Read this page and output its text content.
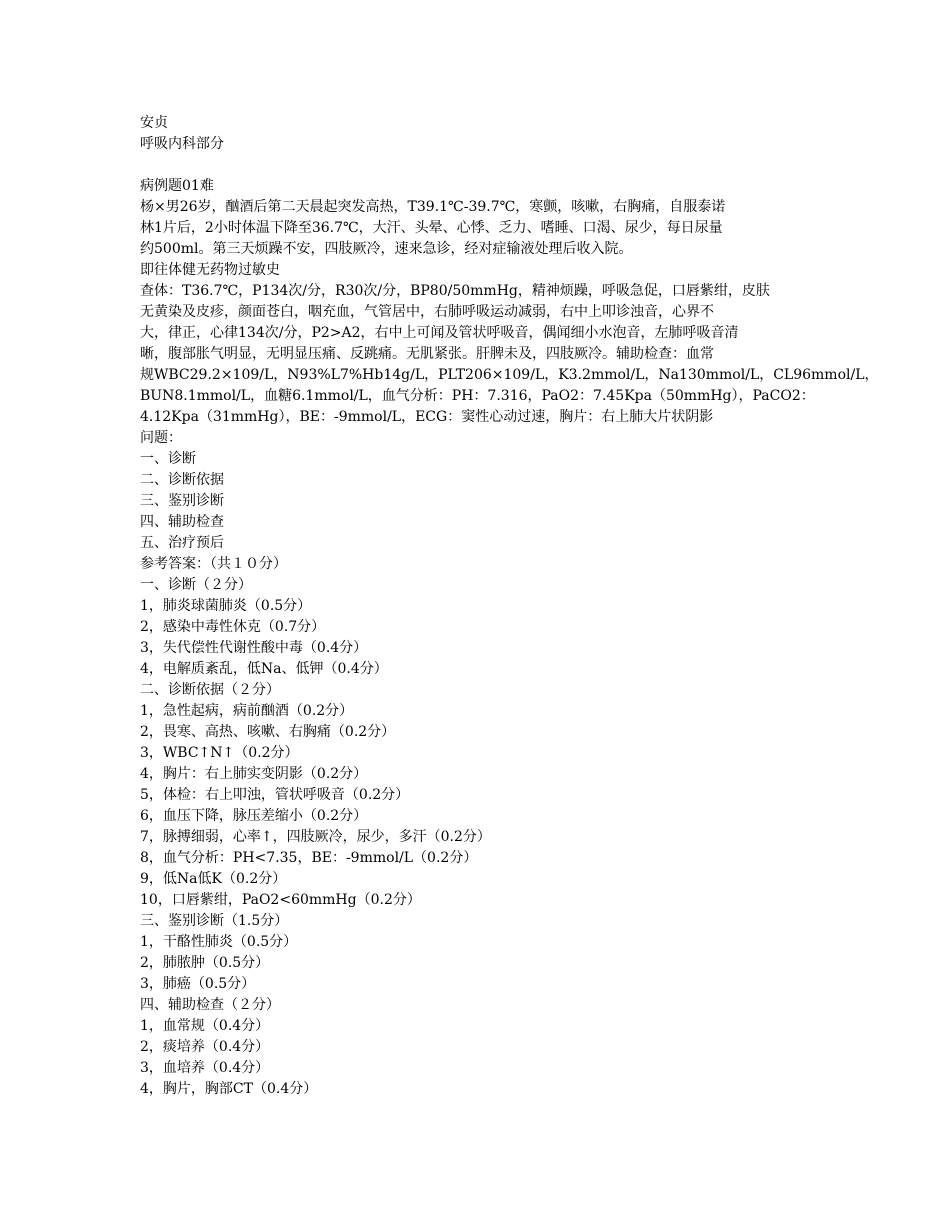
安贞
呼吸内科部分
病例题01难
杨×男26岁，酗酒后第二天晨起突发高热，T39.1℃-39.7℃，寒颤，咳嗽，右胸痛，自服泰诺
林1片后，2小时体温下降至36.7℃，大汗、头晕、心悸、乏力、嗜睡、口渴、尿少，每日尿量
约500ml。第三天烦躁不安，四肢厥冷，速来急诊，经对症输液处理后收入院。
即往体健无药物过敏史
查体：T36.7℃，P134次/分，R30次/分，BP80/50mmHg，精神烦躁，呼吸急促，口唇紫绀，皮肤
无黄染及皮疹，颜面苍白，咽充血，气管居中，右肺呼吸运动减弱，右中上叩诊浊音，心界不
大，律正，心律134次/分，P2>A2，右中上可闻及管状呼吸音，偶闻细小水泡音，左肺呼吸音清
晰，腹部胀气明显，无明显压痛、反跳痛。无肌紧张。肝脾未及，四肢厥冷。辅助检查：血常
规WBC29.2×109/L，N93%L7%Hb14g/L，PLT206×109/L，K3.2mmol/L，Na130mmol/L，CL96mmol/L，
BUN8.1mmol/L，血糖6.1mmol/L，血气分析：PH：7.316，PaO2：7.45Kpa（50mmHg），PaCO2：
4.12Kpa（31mmHg），BE：-9mmol/L，ECG：窦性心动过速，胸片：右上肺大片状阴影
问题：
一、诊断
二、诊断依据
三、鉴别诊断
四、辅助检查
五、治疗预后
参考答案：（共１０分）
一、诊断（２分）
1，肺炎球菌肺炎（0.5分）
2，感染中毒性休克（0.7分）
3，失代偿性代谢性酸中毒（0.4分）
4，电解质紊乱，低Na、低钾（0.4分）
二、诊断依据（２分）
1，急性起病，病前酗酒（0.2分）
2，畏寒、高热、咳嗽、右胸痛（0.2分）
3，WBC↑N↑（0.2分）
4，胸片：右上肺实变阴影（0.2分）
5，体检：右上叩浊，管状呼吸音（0.2分）
6，血压下降，脉压差缩小（0.2分）
7，脉搏细弱，心率↑，四肢厥冷，尿少，多汗（0.2分）
8，血气分析：PH<7.35，BE：-9mmol/L（0.2分）
9，低Na低K（0.2分）
10，口唇紫绀，PaO2<60mmHg（0.2分）
三、鉴别诊断（1.5分）
1，干酪性肺炎（0.5分）
2，肺脓肿（0.5分）
3，肺癌（0.5分）
四、辅助检查（２分）
1，血常规（0.4分）
2，痰培养（0.4分）
3，血培养（0.4分）
4，胸片，胸部CT（0.4分）
